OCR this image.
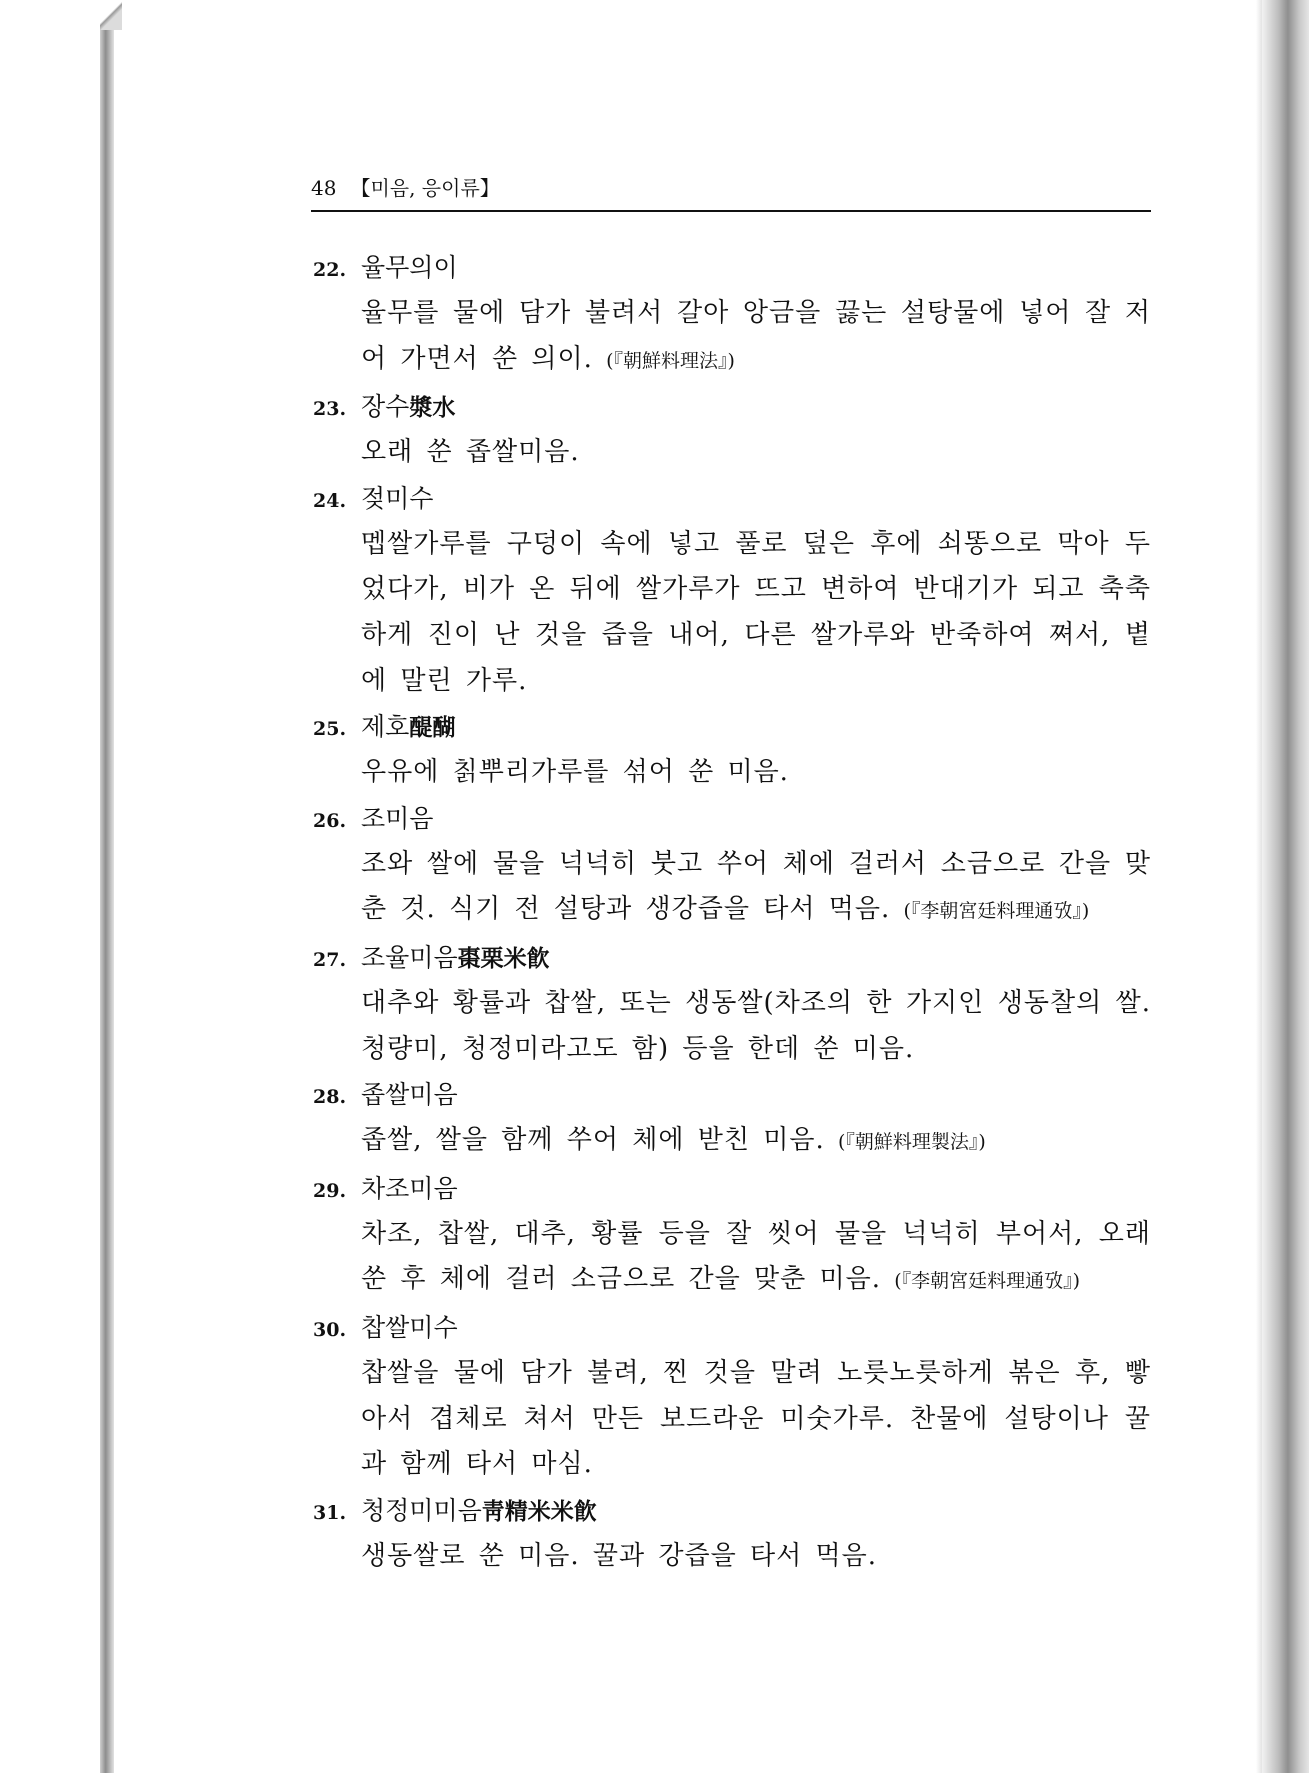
48 【미음, 응이류】
22. 율무의이
율무를 물에 담가 불려서 갈아 앙금을 끓는 설탕물에 넣어 잘 저어 가면서 쑨 의이. (『朝鮮料理法』)
23. 장수漿水
오래 쑨 좁쌀미음.
24. 젖미수
멥쌀가루를 구덩이 속에 넣고 풀로 덮은 후에 쇠똥으로 막아 두었다가, 비가 온 뒤에 쌀가루가 뜨고 변하여 반대기가 되고 축축하게 진이 난 것을 즙을 내어, 다른 쌀가루와 반죽하여 쪄서, 볕에 말린 가루.
25. 제호醍醐
우유에 칡뿌리가루를 섞어 쑨 미음.
26. 조미음
조와 쌀에 물을 넉넉히 붓고 쑤어 체에 걸러서 소금으로 간을 맞춘 것. 식기 전 설탕과 생강즙을 타서 먹음. (『李朝宮廷料理通攷』)
27. 조율미음棗栗米飮
대추와 황률과 찹쌀, 또는 생동쌀(차조의 한 가지인 생동찰의 쌀. 청량미, 청정미라고도 함) 등을 한데 쑨 미음.
28. 좁쌀미음
좁쌀, 쌀을 함께 쑤어 체에 받친 미음. (『朝鮮料理製法』)
29. 차조미음
차조, 찹쌀, 대추, 황률 등을 잘 씻어 물을 넉넉히 부어서, 오래 쑨 후 체에 걸러 소금으로 간을 맞춘 미음. (『李朝宮廷料理通攷』)
30. 찹쌀미수
찹쌀을 물에 담가 불려, 찐 것을 말려 노릇노릇하게 볶은 후, 빻아서 겹체로 쳐서 만든 보드라운 미숫가루. 찬물에 설탕이나 꿀과 함께 타서 마심.
31. 청정미미음靑精米米飮
생동쌀로 쑨 미음. 꿀과 강즙을 타서 먹음.
